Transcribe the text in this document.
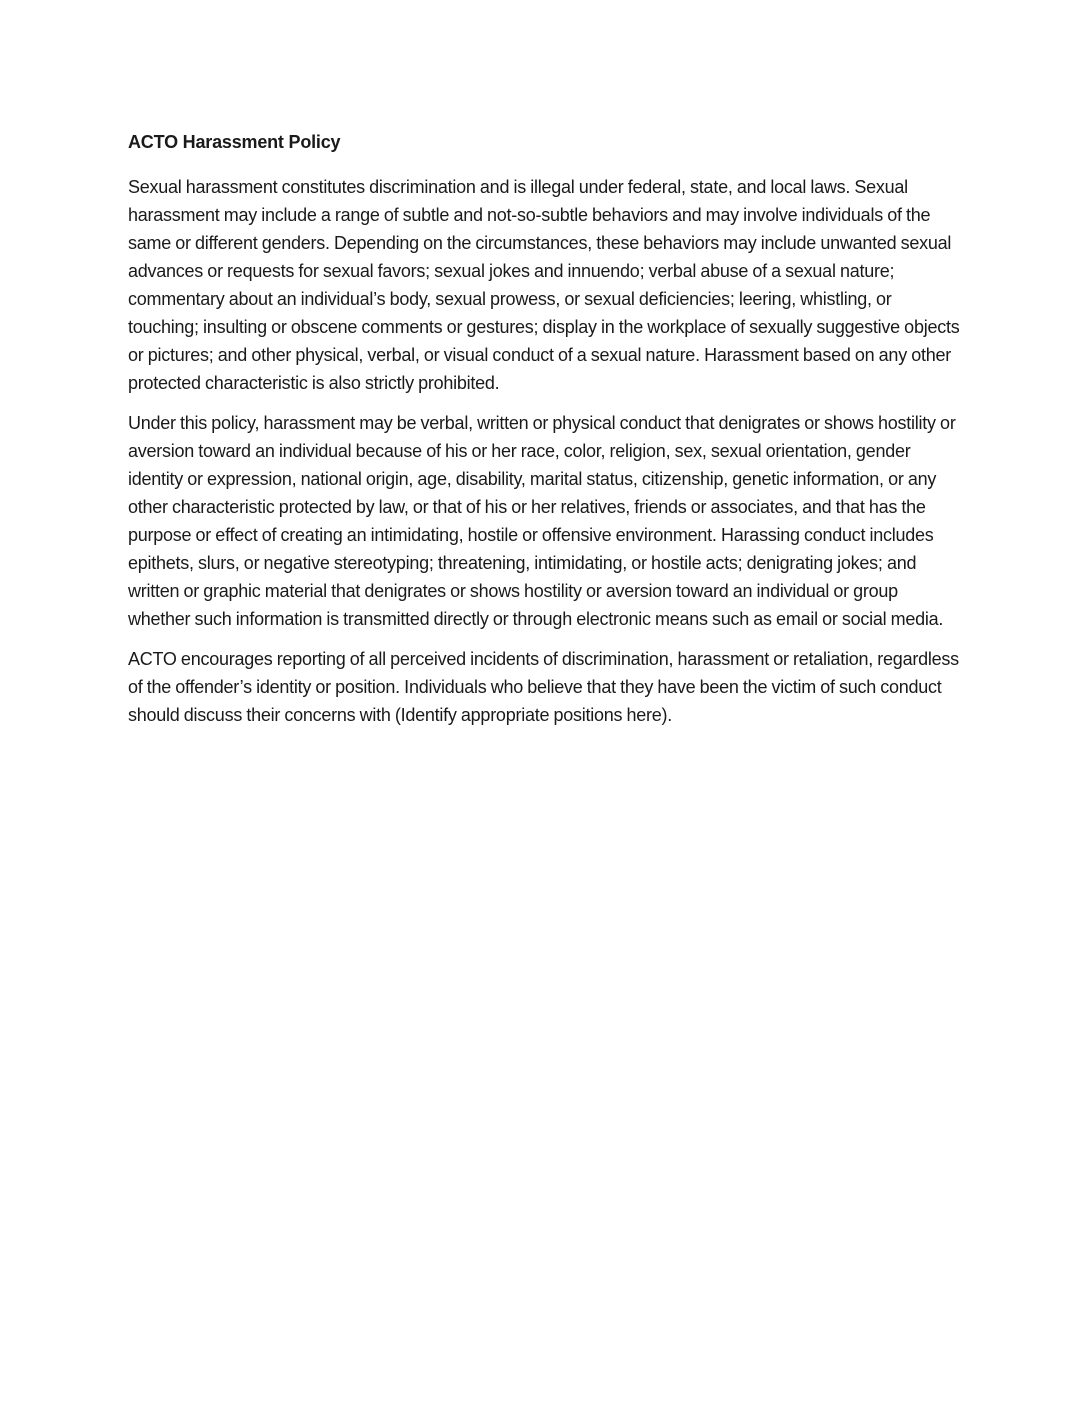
ACTO Harassment Policy

Sexual harassment constitutes discrimination and is illegal under federal, state, and local laws. Sexual harassment may include a range of subtle and not-so-subtle behaviors and may involve individuals of the same or different genders. Depending on the circumstances, these behaviors may include unwanted sexual advances or requests for sexual favors; sexual jokes and innuendo; verbal abuse of a sexual nature; commentary about an individual’s body, sexual prowess, or sexual deficiencies; leering, whistling, or touching; insulting or obscene comments or gestures; display in the workplace of sexually suggestive objects or pictures; and other physical, verbal, or visual conduct of a sexual nature. Harassment based on any other protected characteristic is also strictly prohibited.

Under this policy, harassment may be verbal, written or physical conduct that denigrates or shows hostility or aversion toward an individual because of his or her race, color, religion, sex, sexual orientation, gender identity or expression, national origin, age, disability, marital status, citizenship, genetic information, or any other characteristic protected by law, or that of his or her relatives, friends or associates, and that has the purpose or effect of creating an intimidating, hostile or offensive environment. Harassing conduct includes epithets, slurs, or negative stereotyping; threatening, intimidating, or hostile acts; denigrating jokes; and written or graphic material that denigrates or shows hostility or aversion toward an individual or group whether such information is transmitted directly or through electronic means such as email or social media.

ACTO encourages reporting of all perceived incidents of discrimination, harassment or retaliation, regardless of the offender’s identity or position. Individuals who believe that they have been the victim of such conduct should discuss their concerns with (Identify appropriate positions here).
